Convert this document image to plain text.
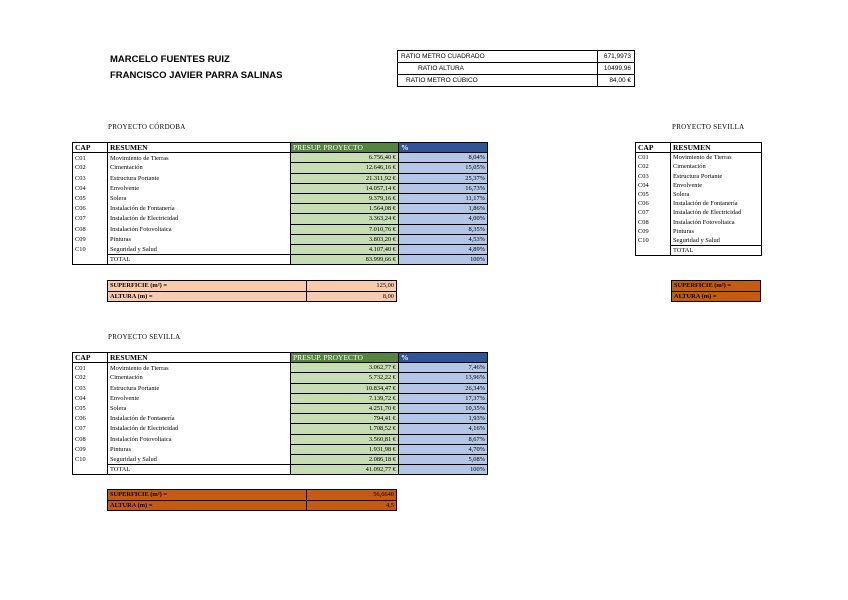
MARCELO FUENTES RUIZ
FRANCISCO JAVIER PARRA SALINAS
RATIO METRO CUADRADO	671,9973
RATIO ALTURA	10499,96
RATIO METRO CÚBICO	84,00 €
PROYECTO CÓRDOBA	PROYECTO SEVILLA
PROYECTO SEVILLA
CAP	RESUMEN	PRESUP. PROYECTO	%
C01	Movimiento de Tierras	6.756,40 €	8,04%
C02	Cimentación	12.646,16 €	15,05%
C03	Estructura Portante	21.311,92 €	25,37%
C04	Envolvente	14.057,14 €	16,73%
C05	Solera	9.379,16 €	11,17%
C06	Instalación de Fontanería	1.564,08 €	1,86%
C07	Instalación de Electricidad	3.363,24 €	4,00%
C08	Instalación Fotovoltaica	7.010,76 €	8,35%
C09	Pinturas	3.803,20 €	4,53%
C10	Seguridad y Salud	4.107,40 €	4,89%
	TOTAL	83.999,66 €	100%
SUPERFICIE (m²) =	125,00
ALTURA (m) =	8,00
CAP	RESUMEN
C01	Movimiento de Tierras
C02	Cimentación
C03	Estructura Portante
C04	Envolvente
C05	Solera
C06	Instalación de Fontanería
C07	Instalación de Electricidad
C08	Instalación Fotovoltaica
C09	Pinturas
C10	Seguridad y Salud
	TOTAL
SUPERFICIE (m²) =
ALTURA (m) =
CAP	RESUMEN	PRESUP. PROYECTO	%
C01	Movimiento de Tierras	3.062,77 €	7,46%
C02	Cimentación	5.732,22 €	13,96%
C03	Estructura Portante	10.834,47 €	26,34%
C04	Envolvente	7.139,72 €	17,37%
C05	Solera	4.251,70 €	10,35%
C06	Instalación de Fontanería	794,41 €	1,93%
C07	Instalación de Electricidad	1.708,52 €	4,16%
C08	Instalación Fotovoltaica	3.560,81 €	8,67%
C09	Pinturas	1.931,98 €	4,70%
C10	Seguridad y Salud	2.086,18 €	5,08%
	TOTAL	41.092,77 €	100%
SUPERFICIE (m²) =	56,6640
ALTURA (m) =	4,5
